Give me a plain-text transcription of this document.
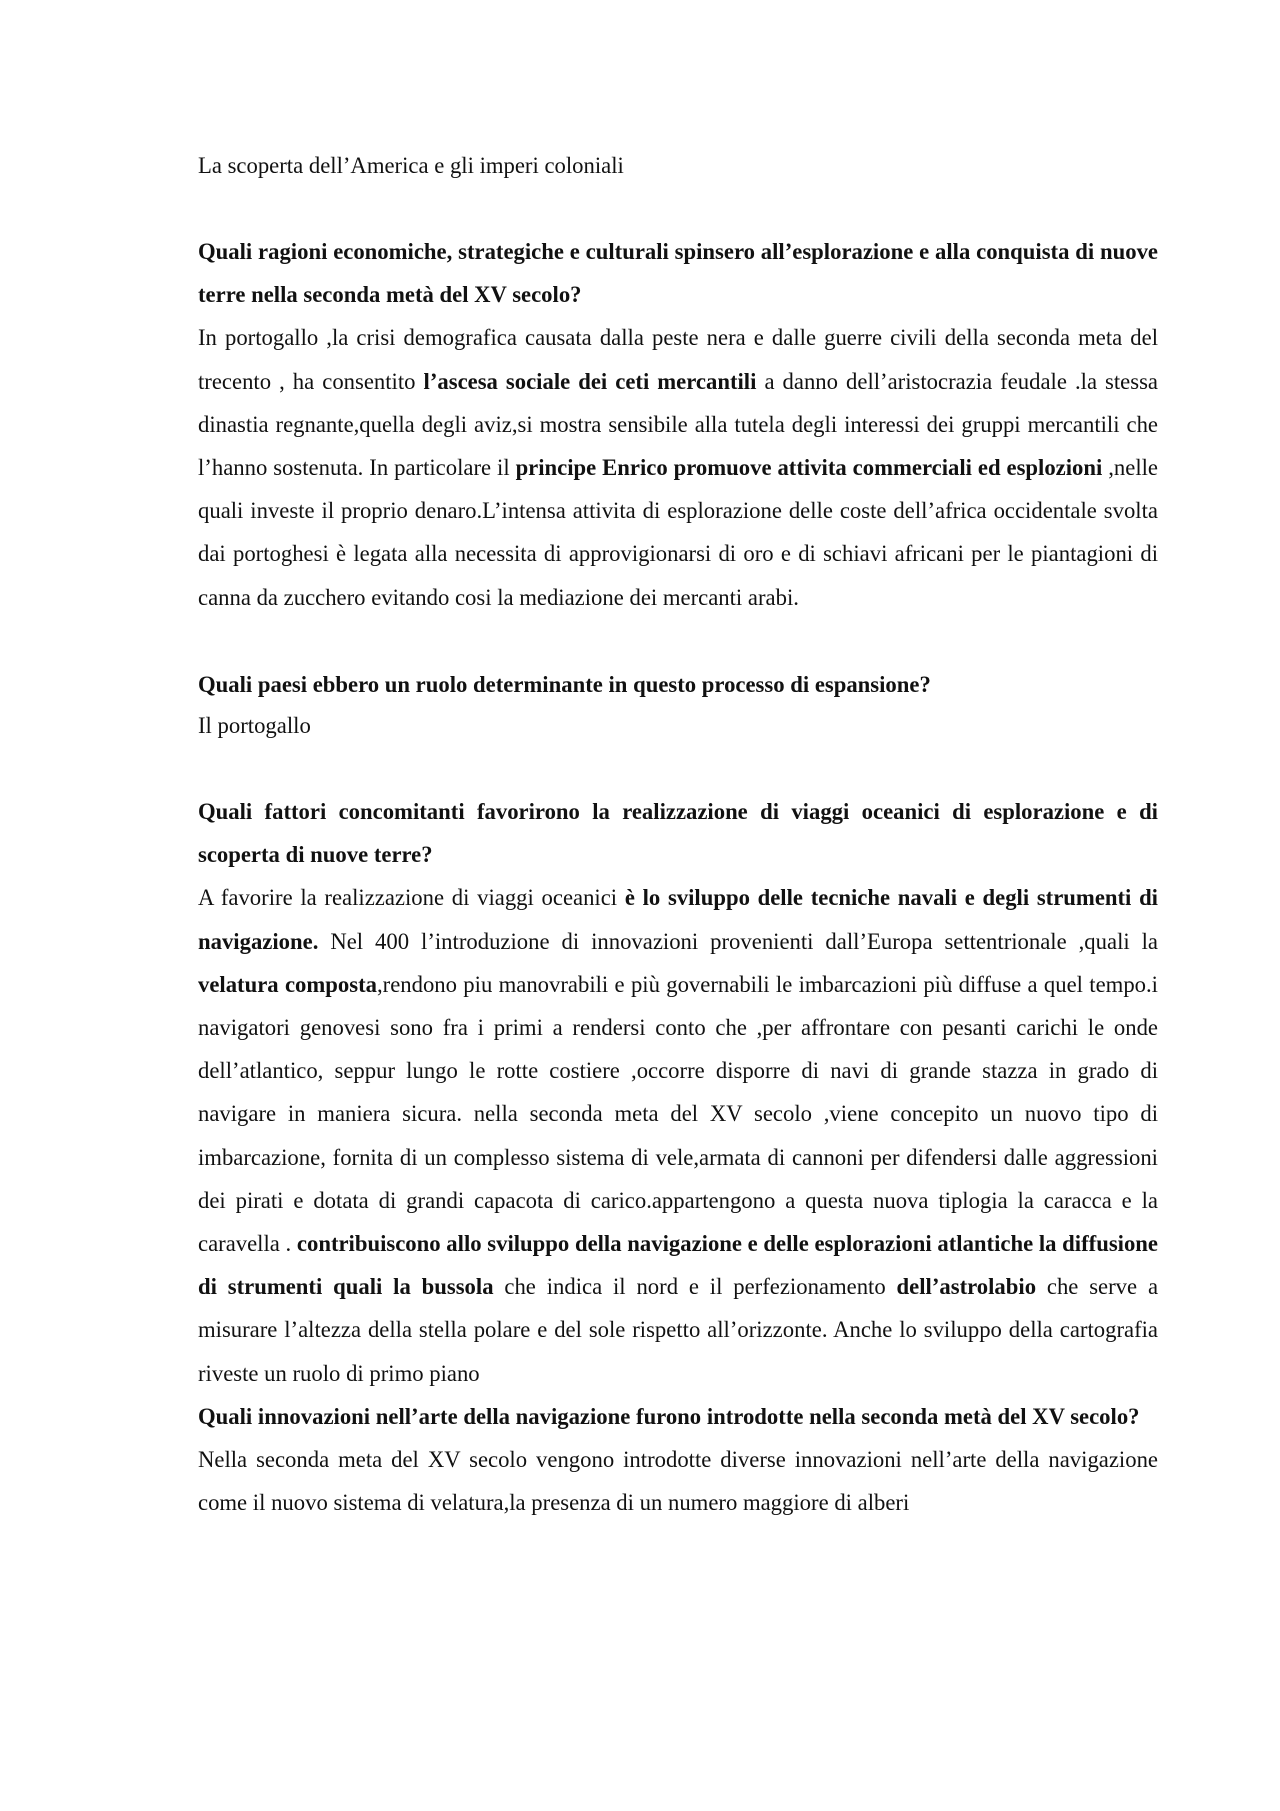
La scoperta dell’America e gli imperi coloniali

Quali ragioni economiche, strategiche e culturali spinsero all’esplorazione e alla conquista di nuove terre nella seconda metà del XV secolo?

In portogallo ,la crisi demografica causata dalla peste nera e dalle guerre civili della seconda meta del trecento , ha consentito l’ascesa sociale dei ceti mercantili a danno dell’aristocrazia feudale .la stessa dinastia regnante,quella degli aviz,si mostra sensibile alla tutela degli interessi dei gruppi mercantili che l’hanno sostenuta. In particolare il principe Enrico promuove attivita commerciali ed esplozioni ,nelle quali investe il proprio denaro.L’intensa attivita di esplorazione delle coste dell’africa occidentale svolta dai portoghesi è legata alla necessita di approvigionarsi di oro e di schiavi africani per le piantagioni di canna da zucchero evitando cosi la mediazione dei mercanti arabi.

Quali paesi ebbero un ruolo determinante in questo processo di espansione?

Il portogallo

Quali fattori concomitanti favorirono la realizzazione di viaggi oceanici di esplorazione e di scoperta di nuove terre?

A favorire la realizzazione di viaggi oceanici è lo sviluppo delle tecniche navali e degli strumenti di navigazione. Nel 400 l’introduzione di innovazioni provenienti dall’Europa settentrionale ,quali la velatura composta,rendono piu manovrabili e più governabili le imbarcazioni più diffuse a quel tempo.i navigatori genovesi sono fra i primi a rendersi conto che ,per affrontare con pesanti carichi le onde dell’atlantico, seppur lungo le rotte costiere ,occorre disporre di navi di grande stazza in grado di navigare in maniera sicura. nella seconda meta del XV secolo ,viene concepito un nuovo tipo di imbarcazione, fornita di un complesso sistema di vele,armata di cannoni per difendersi dalle aggressioni dei pirati e dotata di grandi capacota di carico.appartengono a questa nuova tiplogia la caracca e la caravella . contribuiscono allo sviluppo della navigazione e delle esplorazioni atlantiche la diffusione di strumenti quali la bussola che indica il nord e il perfezionamento dell’astrolabio che serve a misurare l’altezza della stella polare e del sole rispetto all’orizzonte. Anche lo sviluppo della cartografia riveste un ruolo di primo piano

Quali innovazioni nell’arte della navigazione furono introdotte nella seconda metà del XV secolo?

Nella seconda meta del XV secolo vengono introdotte diverse innovazioni nell’arte della navigazione come il nuovo sistema di velatura,la presenza di un numero maggiore di alberi
